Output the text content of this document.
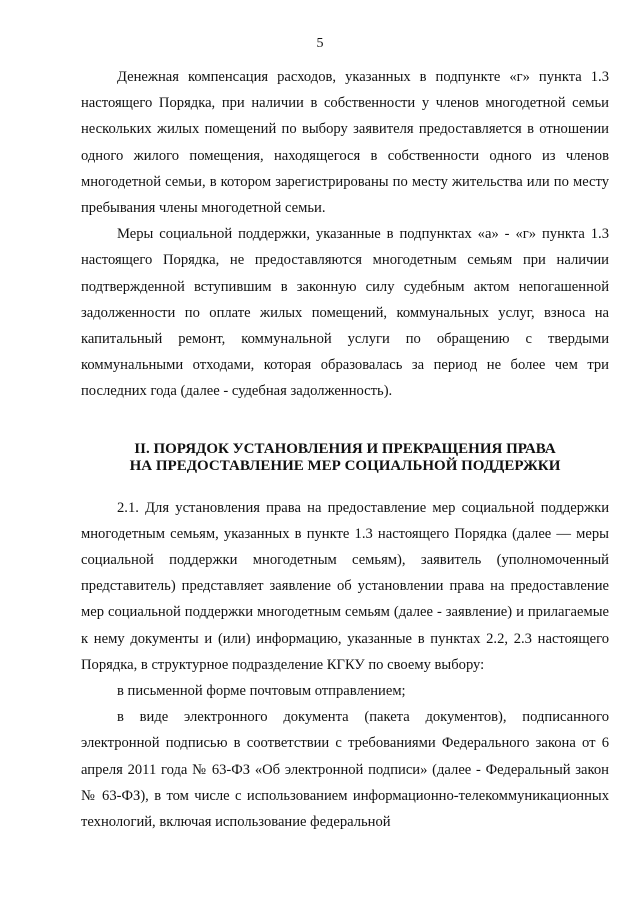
5

Денежная компенсация расходов, указанных в подпункте «г» пункта 1.3 настоящего Порядка, при наличии в собственности у членов многодетной семьи нескольких жилых помещений по выбору заявителя предоставляется в отношении одного жилого помещения, находящегося в собственности одного из членов многодетной семьи, в котором зарегистрированы по месту жительства или по месту пребывания члены многодетной семьи.

Меры социальной поддержки, указанные в подпунктах «а» - «г» пункта 1.3 настоящего Порядка, не предоставляются многодетным семьям при наличии подтвержденной вступившим в законную силу судебным актом непогашенной задолженности по оплате жилых помещений, коммунальных услуг, взноса на капитальный ремонт, коммунальной услуги по обращению с твердыми коммунальными отходами, которая образовалась за период не более чем три последних года (далее - судебная задолженность).

II. ПОРЯДОК УСТАНОВЛЕНИЯ И ПРЕКРАЩЕНИЯ ПРАВА
НА ПРЕДОСТАВЛЕНИЕ МЕР СОЦИАЛЬНОЙ ПОДДЕРЖКИ

2.1. Для установления права на предоставление мер социальной поддержки многодетным семьям, указанных в пункте 1.3 настоящего Порядка (далее — меры социальной поддержки многодетным семьям), заявитель (уполномоченный представитель) представляет заявление об установлении права на предоставление мер социальной поддержки многодетным семьям (далее - заявление) и прилагаемые к нему документы и (или) информацию, указанные в пунктах 2.2, 2.3 настоящего Порядка, в структурное подразделение КГКУ по своему выбору:

в письменной форме почтовым отправлением;

в виде электронного документа (пакета документов), подписанного электронной подписью в соответствии с требованиями Федерального закона от 6 апреля 2011 года № 63-ФЗ «Об электронной подписи» (далее - Федеральный закон № 63-ФЗ), в том числе с использованием информационно-телекоммуникационных технологий, включая использование федеральной
